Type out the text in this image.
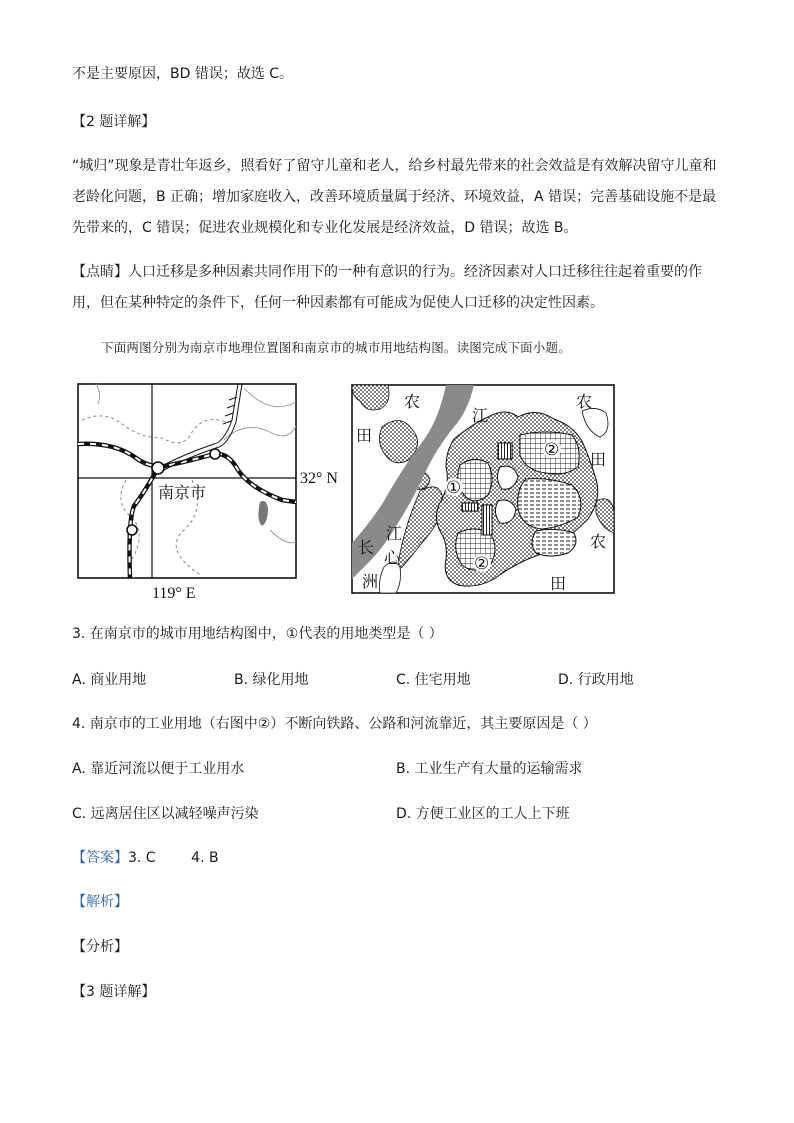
不是主要原因，BD 错误；故选 C。
【2 题详解】
“城归”现象是青壮年返乡，照看好了留守儿童和老人，给乡村最先带来的社会效益是有效解决留守儿童和
老龄化问题，B 正确；增加家庭收入，改善环境质量属于经济、环境效益，A 错误；完善基础设施不是最
先带来的，C 错误；促进农业规模化和专业化发展是经济效益，D 错误；故选 B。
【点睛】人口迁移是多种因素共同作用下的一种有意识的行为。经济因素对人口迁移往往起着重要的作
用，但在某种特定的条件下，任何一种因素都有可能成为促使人口迁移的决定性因素。
下面两图分别为南京市地理位置图和南京市的城市用地结构图。读图完成下面小题。
南京市
32° N
119° E
农
江
农
田
田
农
田
长
江
心
洲
①
②
②
3. 在南京市的城市用地结构图中，①代表的用地类型是（ ）
A. 商业用地	B. 绿化用地	C. 住宅用地	D. 行政用地
4. 南京市的工业用地（右图中②）不断向铁路、公路和河流靠近，其主要原因是（ ）
A. 靠近河流以便于工业用水	B. 工业生产有大量的运输需求
C. 远离居住区以减轻噪声污染	D. 方便工业区的工人上下班
【答案】3. C        4. B
【解析】
【分析】
【3 题详解】
